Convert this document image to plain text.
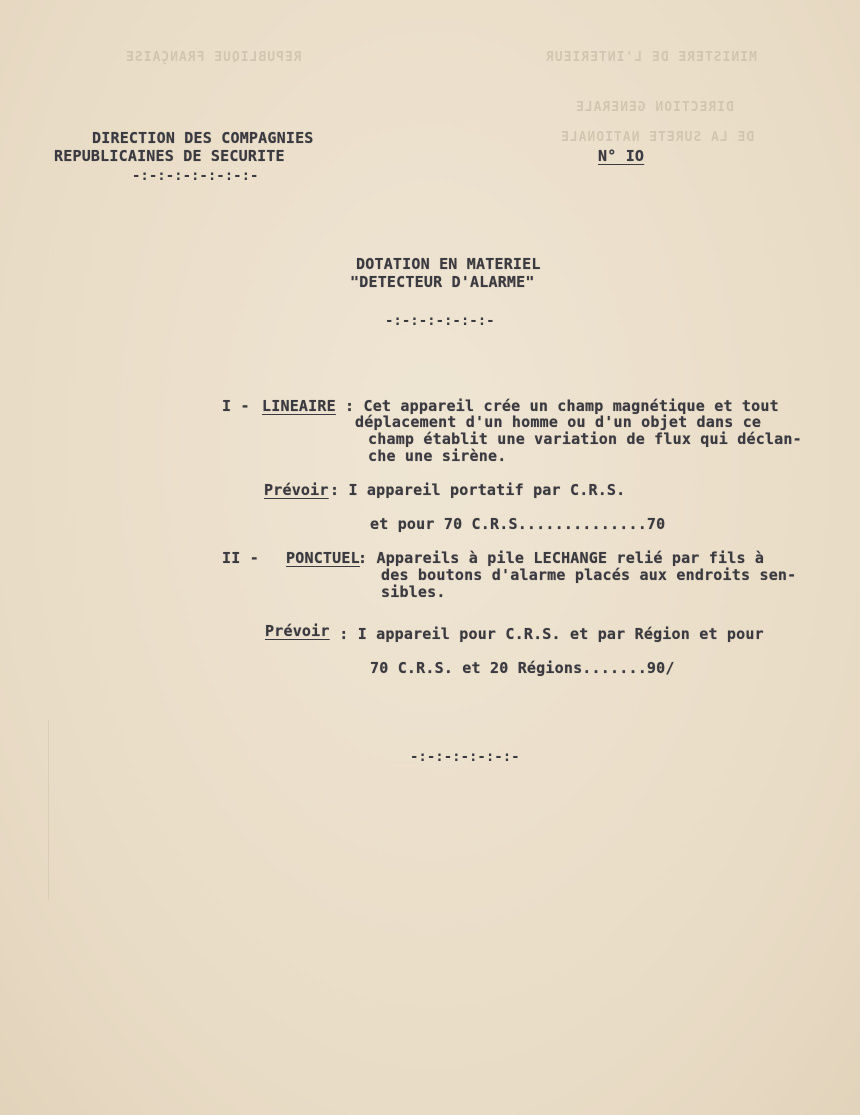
REPUBLIQUE FRANÇAISE	MINISTERE DE L'INTERIEUR
DIRECTION GENERALE
DE LA SURETE NATIONALE
DIRECTION DES COMPAGNIES
REPUBLICAINES DE SECURITE
-:-:-:-:-:-:-:-
N° IO
DOTATION EN MATERIEL
"DETECTEUR D'ALARME"
-:-:-:-:-:-:-
I - LINEAIRE : Cet appareil crée un champ magnétique et tout
déplacement d'un homme ou d'un objet dans ce
champ établit une variation de flux qui déclan-
che une sirène.
Prévoir : I appareil portatif par C.R.S.
et pour 70 C.R.S..............70
II - PONCTUEL
: Appareils à pile LECHANGE relié par fils à
des boutons d'alarme placés aux endroits sen-
sibles.
Prévoir : I appareil pour C.R.S. et par Région et pour
70 C.R.S. et 20 Régions.......90/
-:-:-:-:-:-:-
